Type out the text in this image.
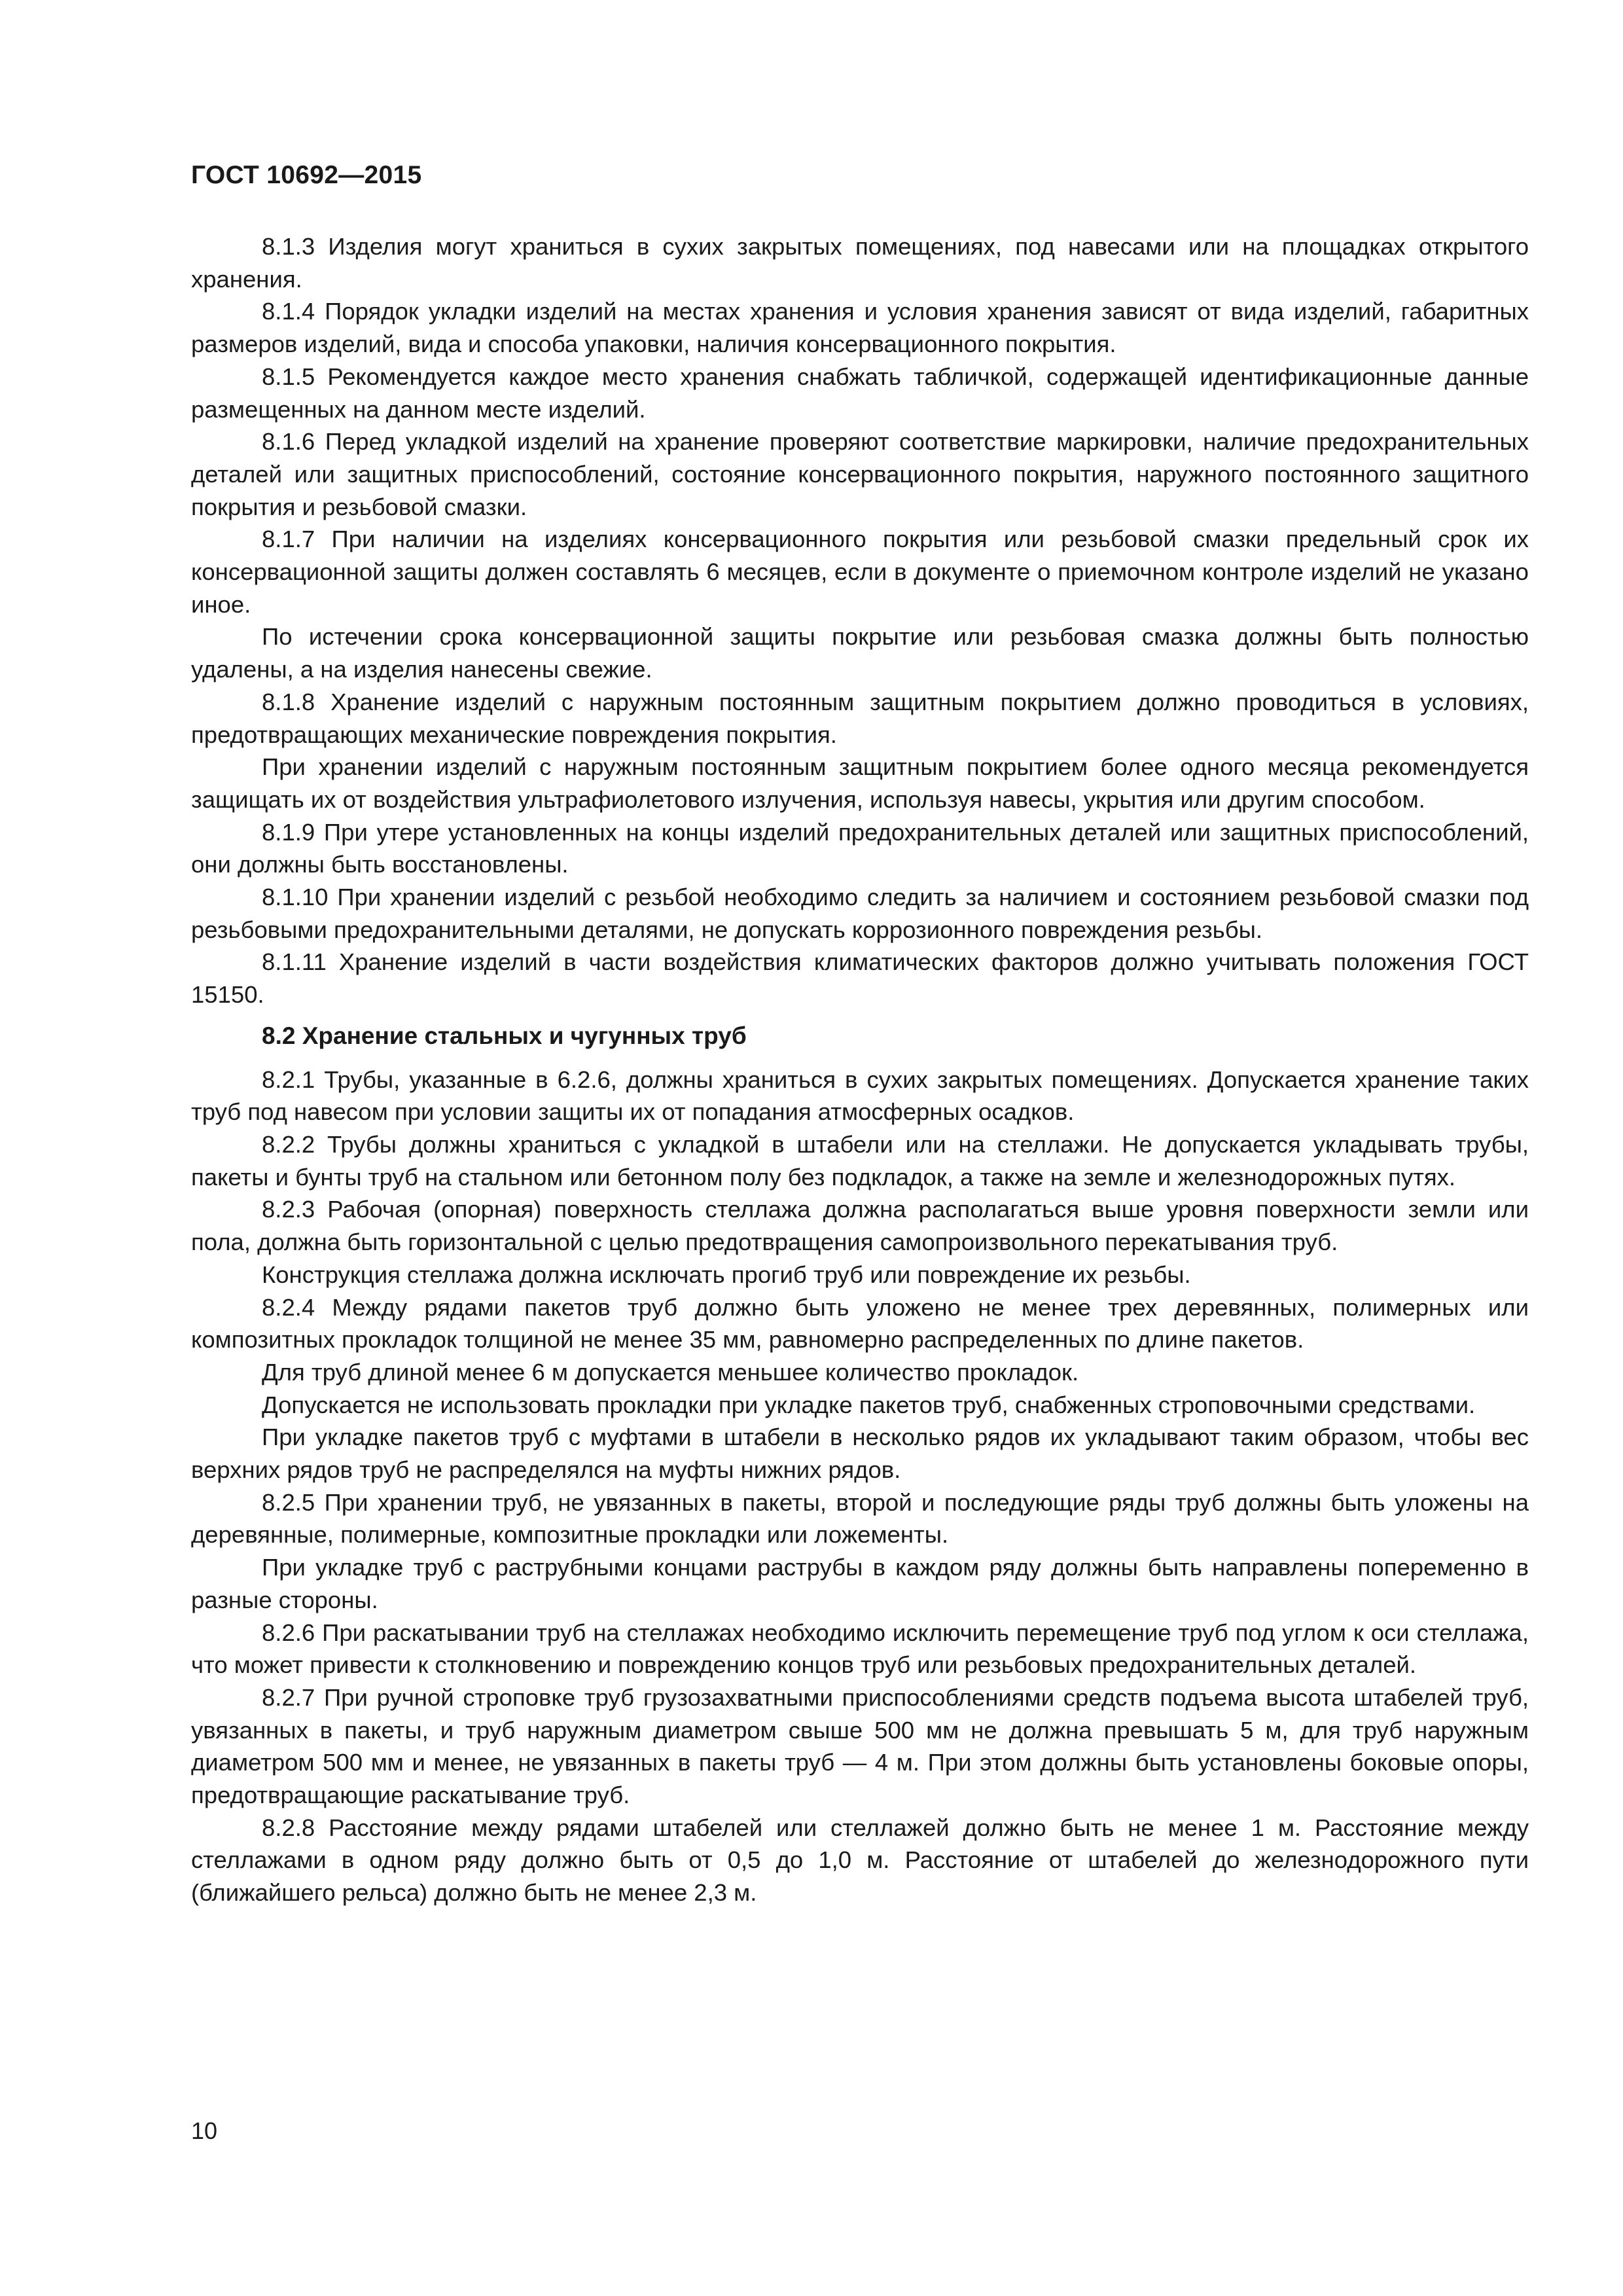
ГОСТ 10692—2015

8.1.3 Изделия могут храниться в сухих закрытых помещениях, под навесами или на площадках открытого хранения.

8.1.4 Порядок укладки изделий на местах хранения и условия хранения зависят от вида изделий, габаритных размеров изделий, вида и способа упаковки, наличия консервационного покрытия.

8.1.5 Рекомендуется каждое место хранения снабжать табличкой, содержащей идентификационные данные размещенных на данном месте изделий.

8.1.6 Перед укладкой изделий на хранение проверяют соответствие маркировки, наличие предохранительных деталей или защитных приспособлений, состояние консервационного покрытия, наружного постоянного защитного покрытия и резьбовой смазки.

8.1.7 При наличии на изделиях консервационного покрытия или резьбовой смазки предельный срок их консервационной защиты должен составлять 6 месяцев, если в документе о приемочном контроле изделий не указано иное.

По истечении срока консервационной защиты покрытие или резьбовая смазка должны быть полностью удалены, а на изделия нанесены свежие.

8.1.8 Хранение изделий с наружным постоянным защитным покрытием должно проводиться в условиях, предотвращающих механические повреждения покрытия.

При хранении изделий с наружным постоянным защитным покрытием более одного месяца рекомендуется защищать их от воздействия ультрафиолетового излучения, используя навесы, укрытия или другим способом.

8.1.9 При утере установленных на концы изделий предохранительных деталей или защитных приспособлений, они должны быть восстановлены.

8.1.10 При хранении изделий с резьбой необходимо следить за наличием и состоянием резьбовой смазки под резьбовыми предохранительными деталями, не допускать коррозионного повреждения резьбы.

8.1.11 Хранение изделий в части воздействия климатических факторов должно учитывать положения ГОСТ 15150.

8.2 Хранение стальных и чугунных труб

8.2.1 Трубы, указанные в 6.2.6, должны храниться в сухих закрытых помещениях. Допускается хранение таких труб под навесом при условии защиты их от попадания атмосферных осадков.

8.2.2 Трубы должны храниться с укладкой в штабели или на стеллажи. Не допускается укладывать трубы, пакеты и бунты труб на стальном или бетонном полу без подкладок, а также на земле и железнодорожных путях.

8.2.3 Рабочая (опорная) поверхность стеллажа должна располагаться выше уровня поверхности земли или пола, должна быть горизонтальной с целью предотвращения самопроизвольного перекатывания труб.

Конструкция стеллажа должна исключать прогиб труб или повреждение их резьбы.

8.2.4 Между рядами пакетов труб должно быть уложено не менее трех деревянных, полимерных или композитных прокладок толщиной не менее 35 мм, равномерно распределенных по длине пакетов.

Для труб длиной менее 6 м допускается меньшее количество прокладок.

Допускается не использовать прокладки при укладке пакетов труб, снабженных строповочными средствами.

При укладке пакетов труб с муфтами в штабели в несколько рядов их укладывают таким образом, чтобы вес верхних рядов труб не распределялся на муфты нижних рядов.

8.2.5 При хранении труб, не увязанных в пакеты, второй и последующие ряды труб должны быть уложены на деревянные, полимерные, композитные прокладки или ложементы.

При укладке труб с раструбными концами раструбы в каждом ряду должны быть направлены попеременно в разные стороны.

8.2.6 При раскатывании труб на стеллажах необходимо исключить перемещение труб под углом к оси стеллажа, что может привести к столкновению и повреждению концов труб или резьбовых предохранительных деталей.

8.2.7 При ручной строповке труб грузозахватными приспособлениями средств подъема высота штабелей труб, увязанных в пакеты, и труб наружным диаметром свыше 500 мм не должна превышать 5 м, для труб наружным диаметром 500 мм и менее, не увязанных в пакеты труб — 4 м. При этом должны быть установлены боковые опоры, предотвращающие раскатывание труб.

8.2.8 Расстояние между рядами штабелей или стеллажей должно быть не менее 1 м. Расстояние между стеллажами в одном ряду должно быть от 0,5 до 1,0 м. Расстояние от штабелей до железнодорожного пути (ближайшего рельса) должно быть не менее 2,3 м.

10
